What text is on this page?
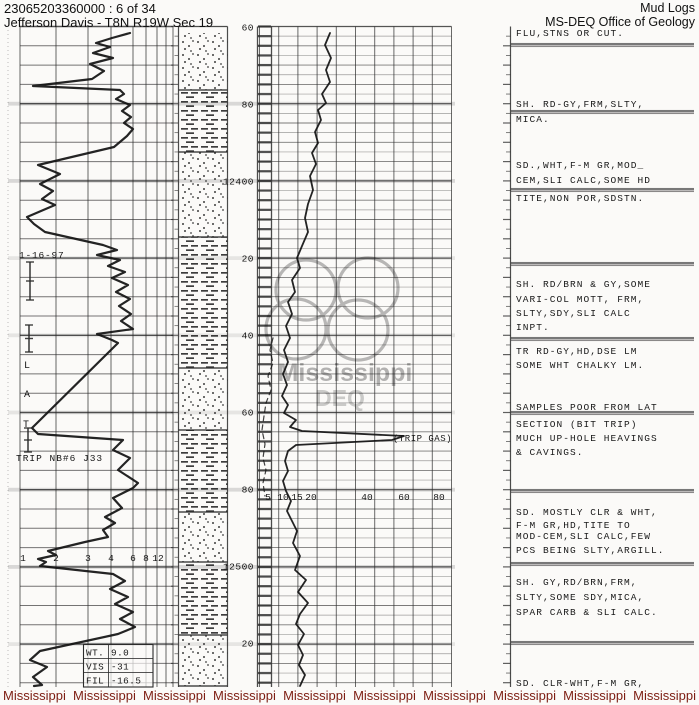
60
80
12400
20
40
60
80
12500
20
Mississippi
DEQ
1-16-97
L
A
T
TRIP NB#6 J33
1	2	3 4 6 8 12
WT. 9.0
VIS -31
FIL -16.5
5 10 15 20	40	60 80
(TRIP GAS)
FLU,STNS OR CUT.
SH. RD-GY,FRM,SLTY,
MICA.
SD.,WHT,F-M GR,MOD_
CEM,SLI CALC,SOME HD
TITE,NON POR,SDSTN.
SH. RD/BRN & GY,SOME
VARI-COL MOTT, FRM,
SLTY,SDY,SLI CALC
INPT.
TR RD-GY,HD,DSE LM
SOME WHT CHALKY LM.
SAMPLES POOR FROM LAT
SECTION (BIT TRIP)
MUCH UP-HOLE HEAVINGS
& CAVINGS.
SD. MOSTLY CLR & WHT,
F-M GR,HD,TITE TO
MOD-CEM,SLI CALC,FEW
PCS BEING SLTY,ARGILL.
SH. GY,RD/BRN,FRM,
SLTY,SOME SDY,MICA,
SPAR CARB & SLI CALC.
SD. CLR-WHT,F-M GR,
23065203360000 : 6 of 34
Jefferson Davis - T8N R19W Sec 19
Mud Logs
MS-DEQ Office of Geology
Mississippi Mississippi Mississippi Mississippi Mississippi Mississippi Mississippi Mississippi Mississippi Mississippi
